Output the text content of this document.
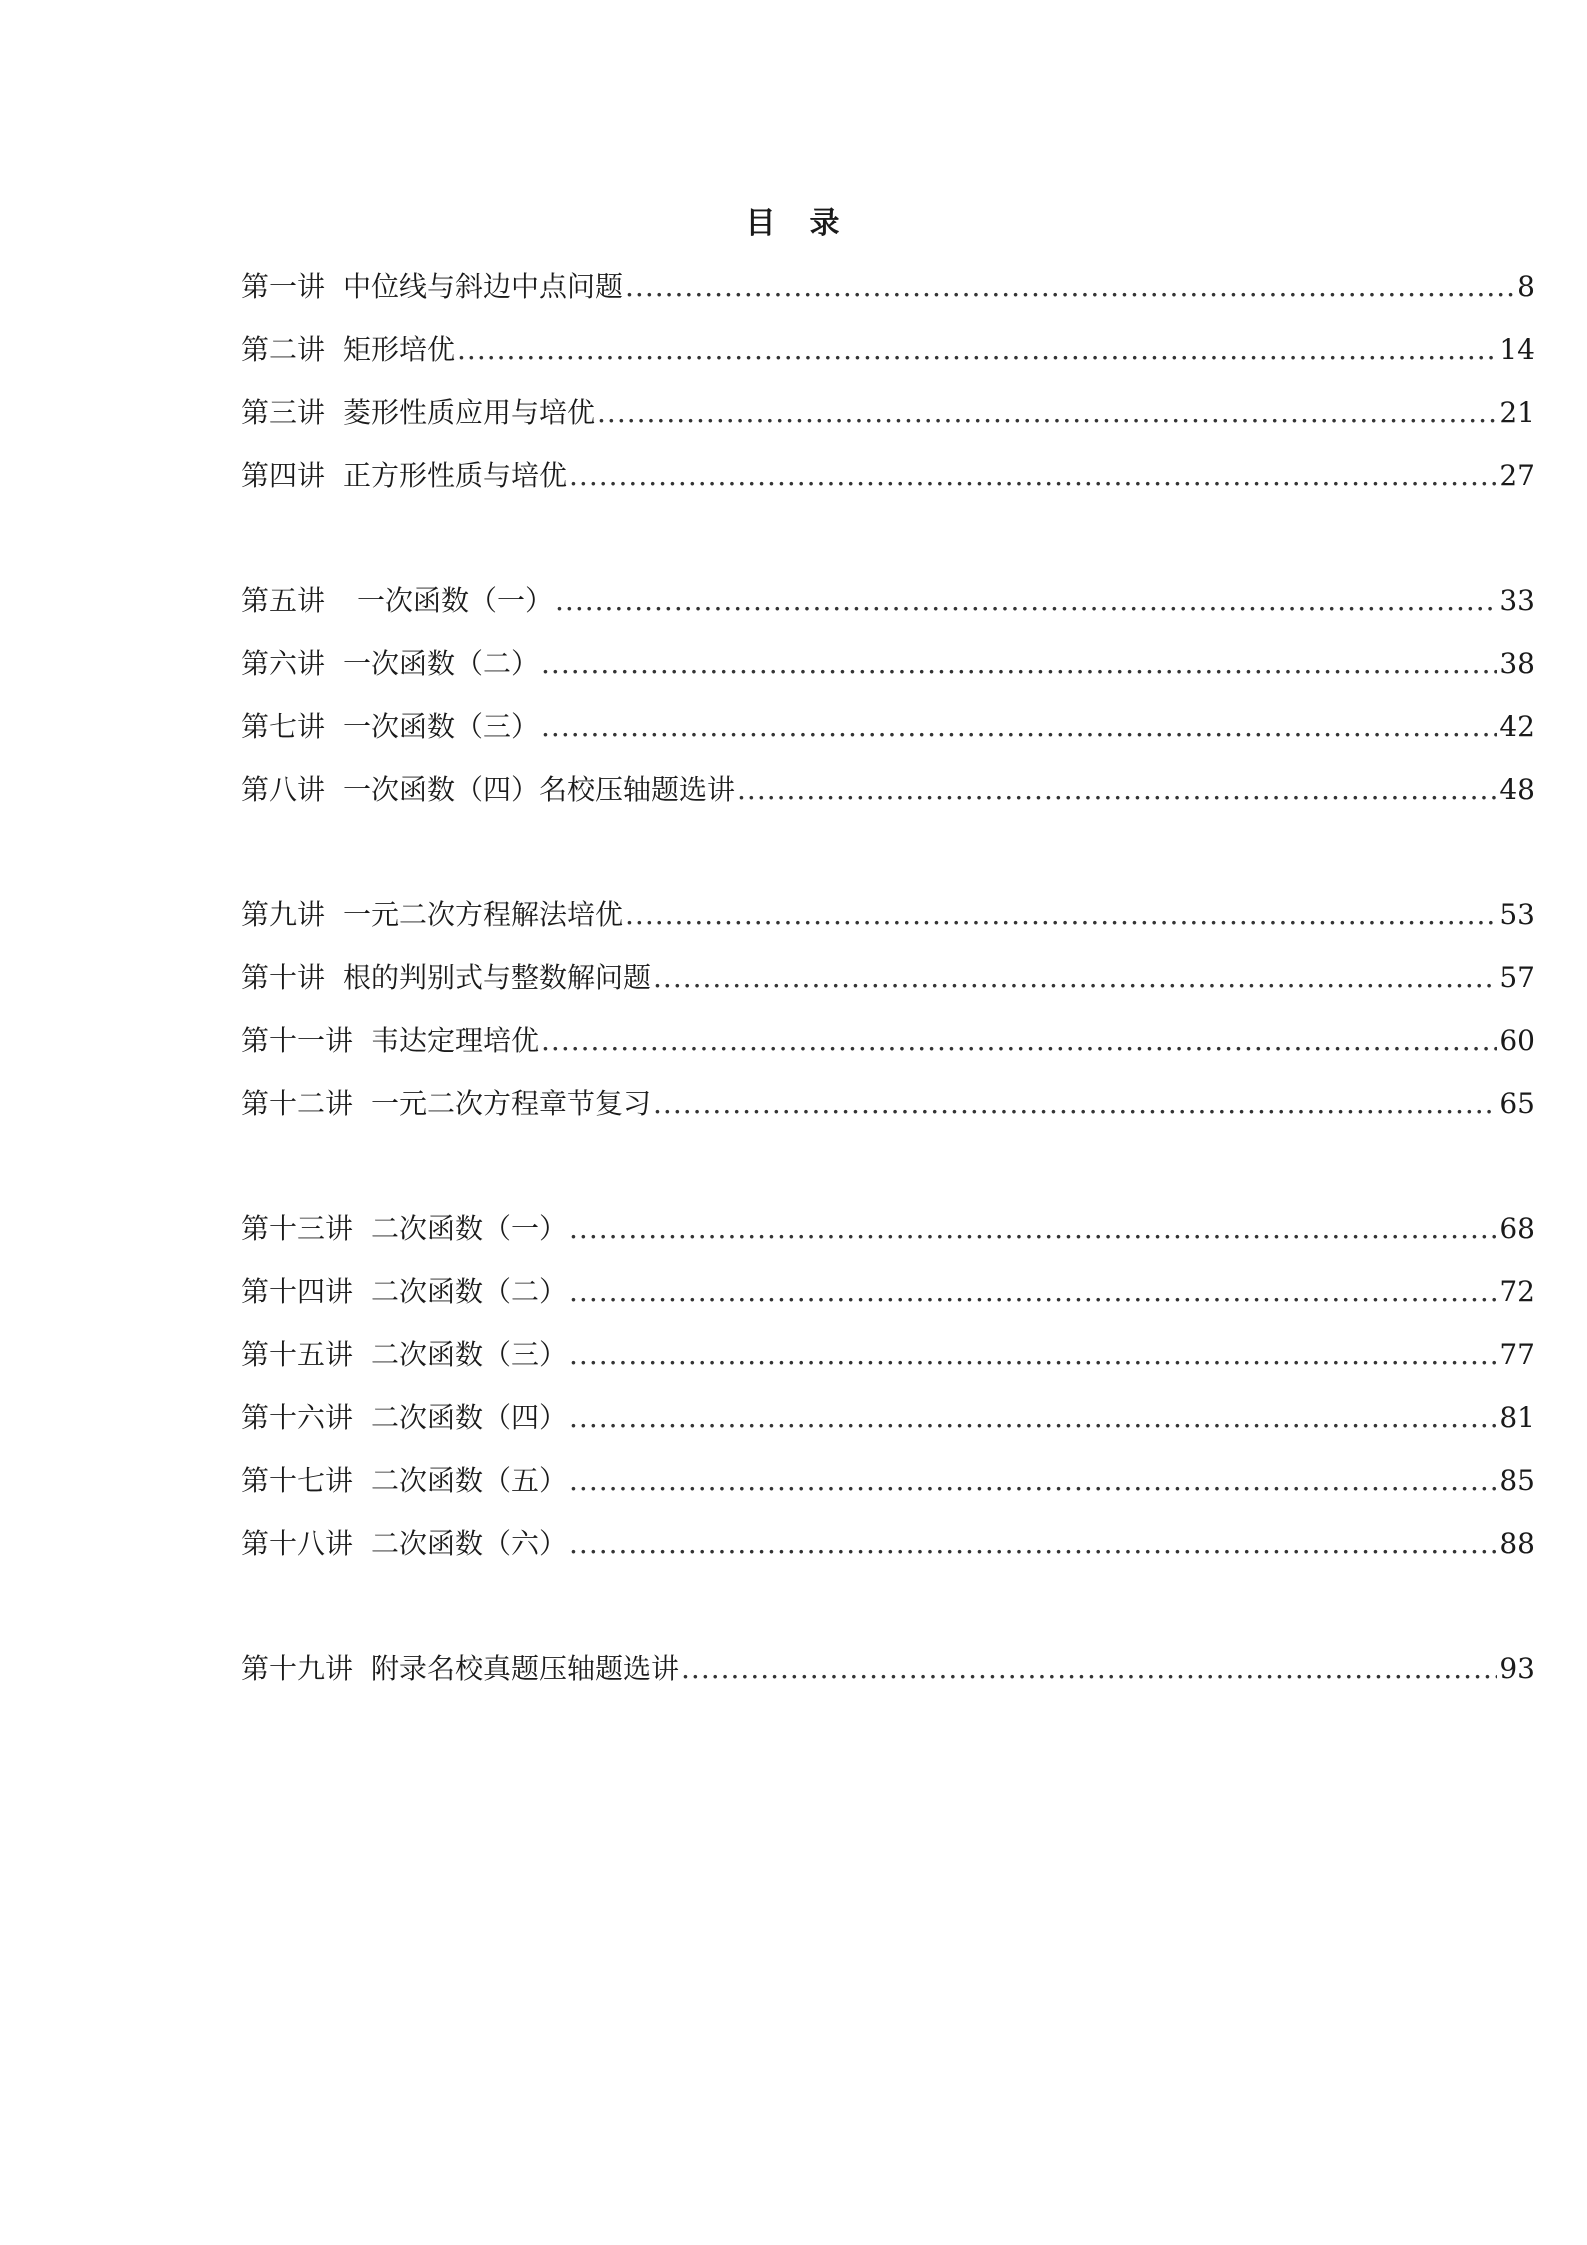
目　录
第一讲 中位线与斜边中点问题 .....	8
第二讲 矩形培优 .....	14
第三讲 菱形性质应用与培优 .....	21
第四讲 正方形性质与培优 .....	27
第五讲 一次函数（一） .....	33
第六讲 一次函数（二） .....	38
第七讲 一次函数（三） .....	42
第八讲 一次函数（四）名校压轴题选讲 .....	48
第九讲 一元二次方程解法培优 .....	53
第十讲 根的判别式与整数解问题 .....	57
第十一讲 韦达定理培优 .....	60
第十二讲 一元二次方程章节复习 .....	65
第十三讲 二次函数（一） .....	68
第十四讲 二次函数（二） .....	72
第十五讲 二次函数（三） .....	77
第十六讲 二次函数（四） .....	81
第十七讲 二次函数（五） .....	85
第十八讲 二次函数（六） .....	88
第十九讲 附录名校真题压轴题选讲 .....	93
